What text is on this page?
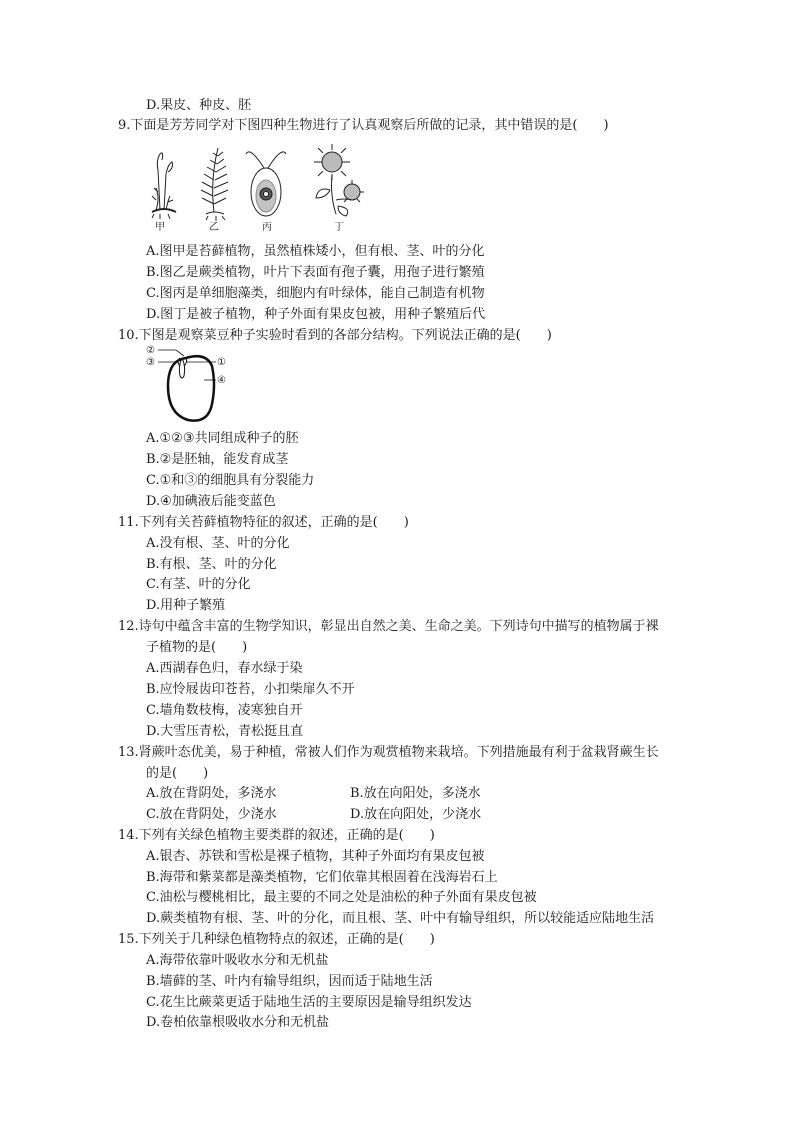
D.果皮、种皮、胚
9.下面是芳芳同学对下图四种生物进行了认真观察后所做的记录，其中错误的是(　　)
甲	乙	丙	丁
A.图甲是苔藓植物，虽然植株矮小，但有根、茎、叶的分化
B.图乙是蕨类植物，叶片下表面有孢子囊，用孢子进行繁殖
C.图丙是单细胞藻类，细胞内有叶绿体，能自己制造有机物
D.图丁是被子植物，种子外面有果皮包被，用种子繁殖后代
10.下图是观察菜豆种子实验时看到的各部分结构。下列说法正确的是(　　)
②
③	①
④
A.①②③共同组成种子的胚
B.②是胚轴，能发育成茎
C.①和③的细胞具有分裂能力
D.④加碘液后能变蓝色
11.下列有关苔藓植物特征的叙述，正确的是(　　)
A.没有根、茎、叶的分化
B.有根、茎、叶的分化
C.有茎、叶的分化
D.用种子繁殖
12.诗句中蕴含丰富的生物学知识，彰显出自然之美、生命之美。下列诗句中描写的植物属于裸
子植物的是(　　)
A.西湖春色归，春水绿于染
B.应怜屐齿印苍苔，小扣柴扉久不开
C.墙角数枝梅，凌寒独自开
D.大雪压青松，青松挺且直
13.肾蕨叶态优美，易于种植，常被人们作为观赏植物来栽培。下列措施最有利于盆栽肾蕨生长
的是(　　)
A.放在背阴处，多浇水	B.放在向阳处，多浇水
C.放在背阴处，少浇水	D.放在向阳处，少浇水
14.下列有关绿色植物主要类群的叙述，正确的是(　　)
A.银杏、苏铁和雪松是裸子植物，其种子外面均有果皮包被
B.海带和紫菜都是藻类植物，它们依靠其根固着在浅海岩石上
C.油松与樱桃相比，最主要的不同之处是油松的种子外面有果皮包被
D.蕨类植物有根、茎、叶的分化，而且根、茎、叶中有输导组织，所以较能适应陆地生活
15.下列关于几种绿色植物特点的叙述，正确的是(　　)
A.海带依靠叶吸收水分和无机盐
B.墙藓的茎、叶内有输导组织，因而适于陆地生活
C.花生比蕨菜更适于陆地生活的主要原因是输导组织发达
D.卷柏依靠根吸收水分和无机盐
